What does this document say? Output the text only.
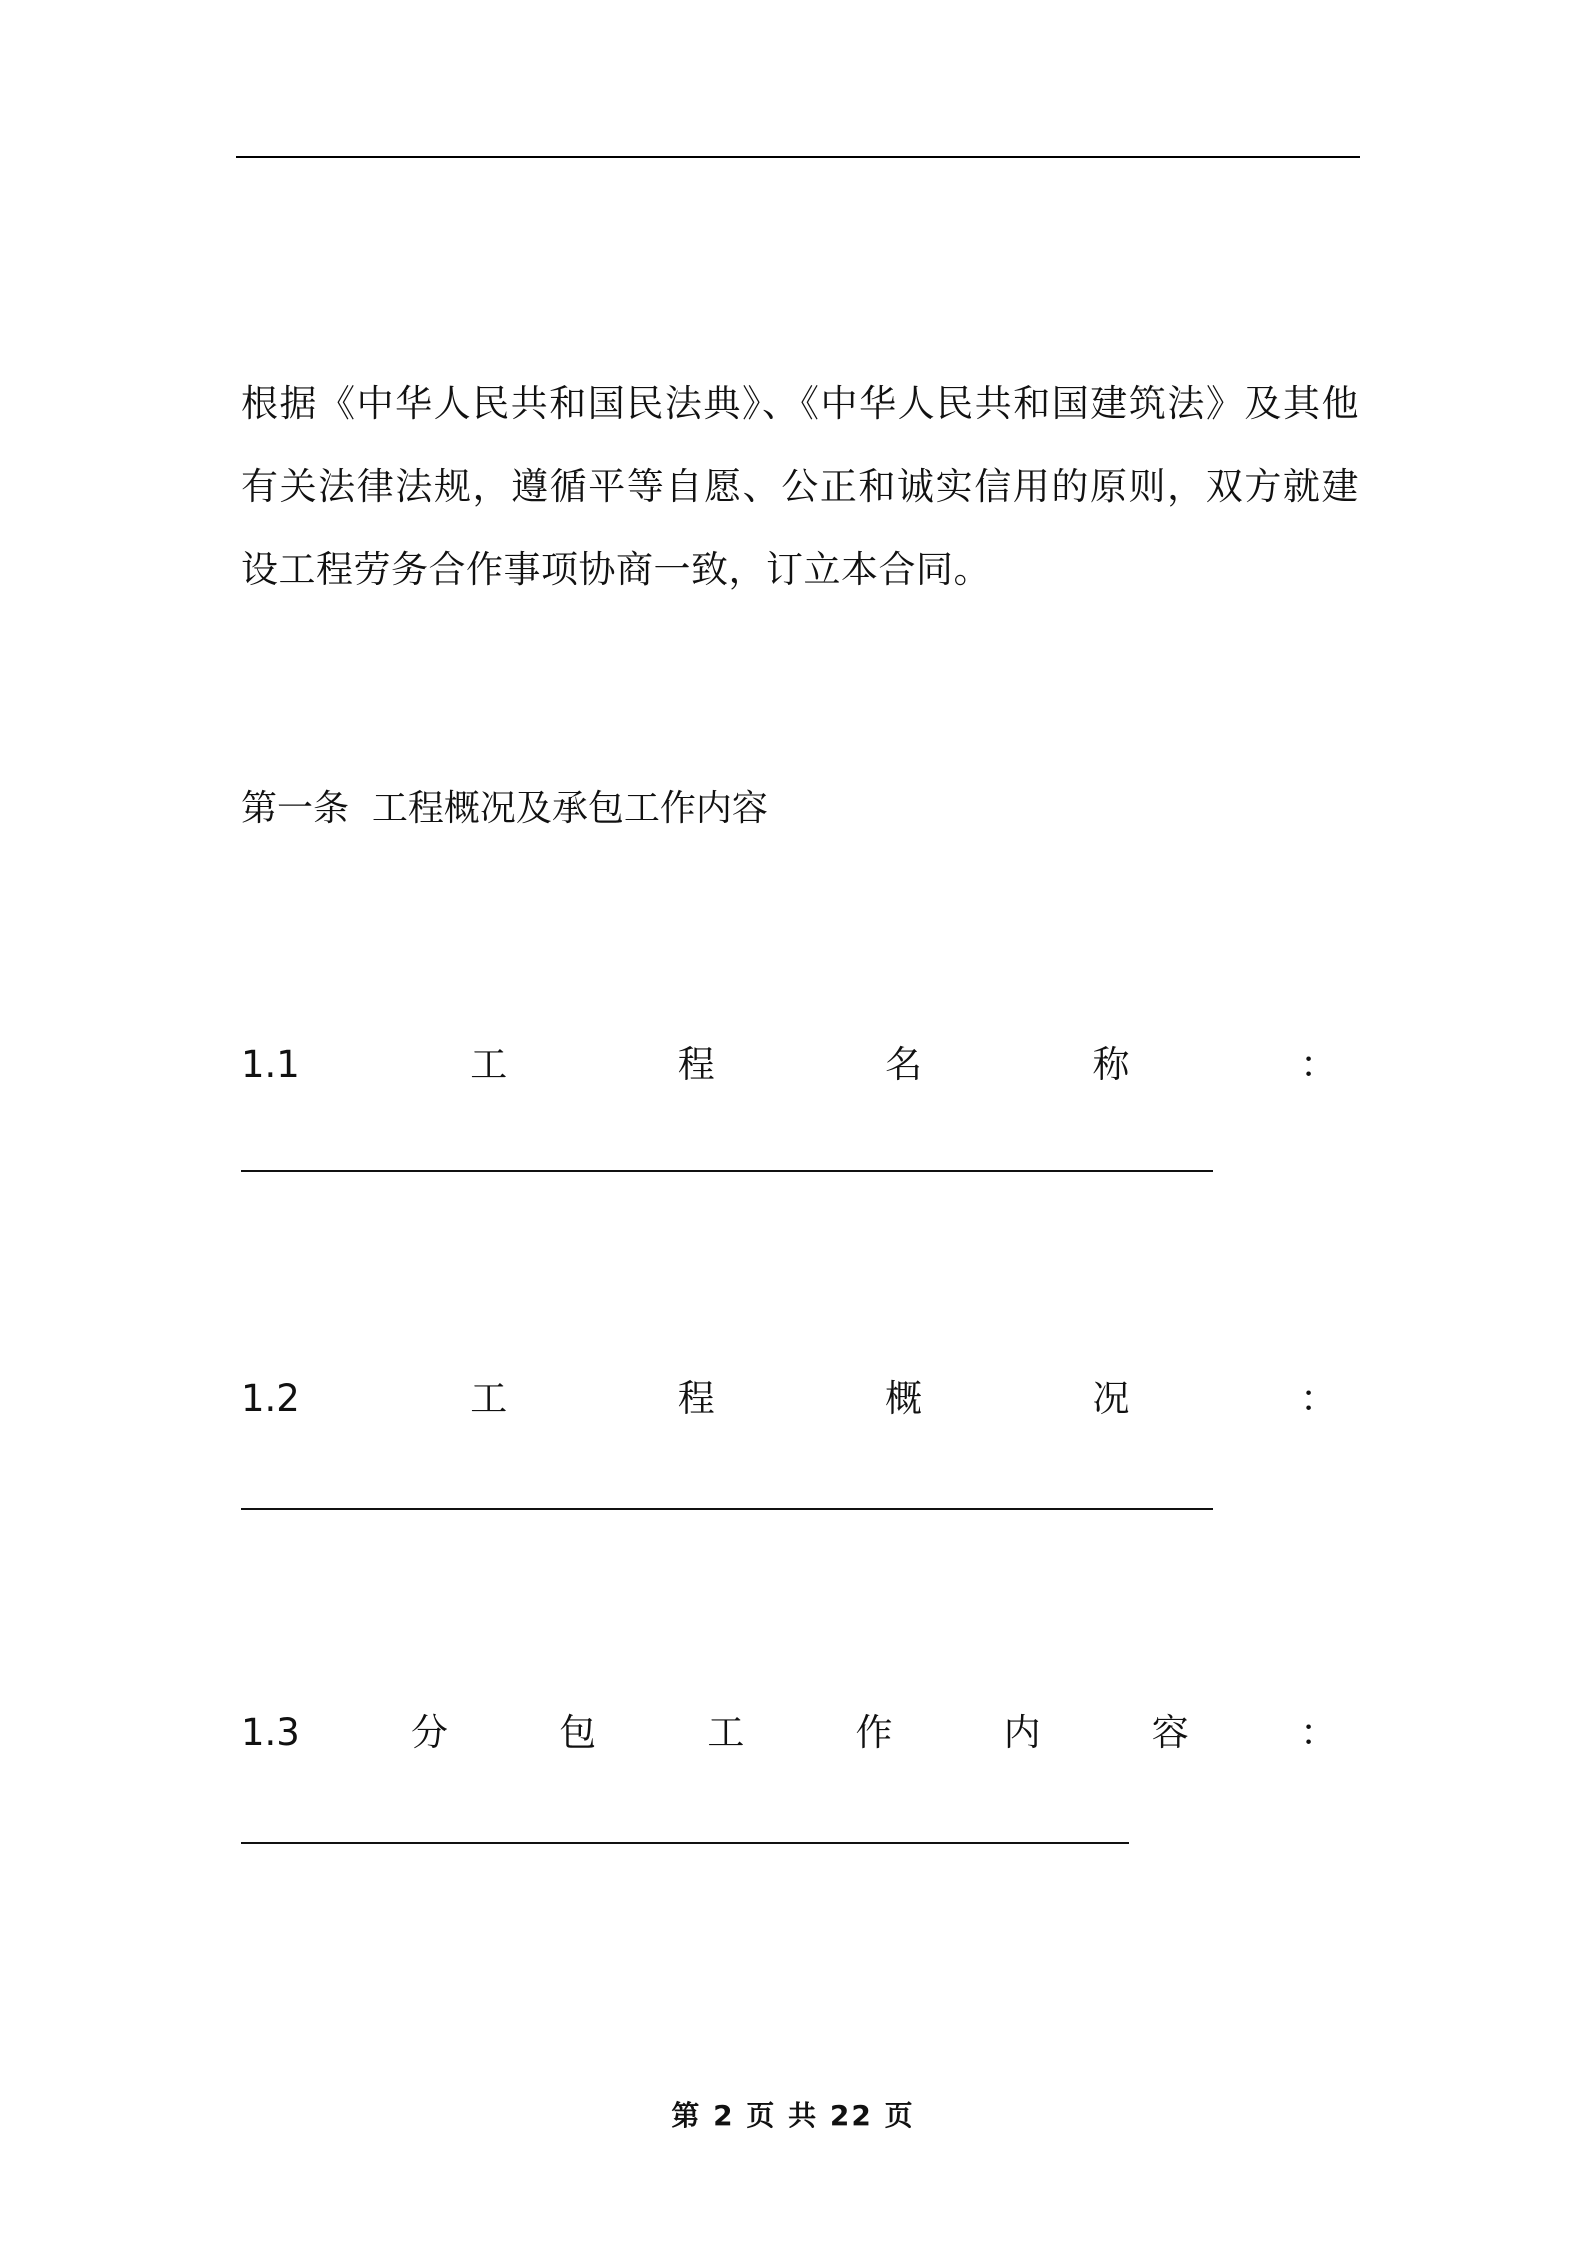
根据《中华人民共和国民法典》、《中华人民共和国建筑法》及其他有关法律法规，遵循平等自愿、公正和诚实信用的原则，双方就建设工程劳务合作事项协商一致，订立本合同。

第一条  工程概况及承包工作内容
1.1	工	程	名	称	：
1.2	工	程	概	况	：
1.3	分	包	工	作	内	容	：
第 2 页 共 22 页
